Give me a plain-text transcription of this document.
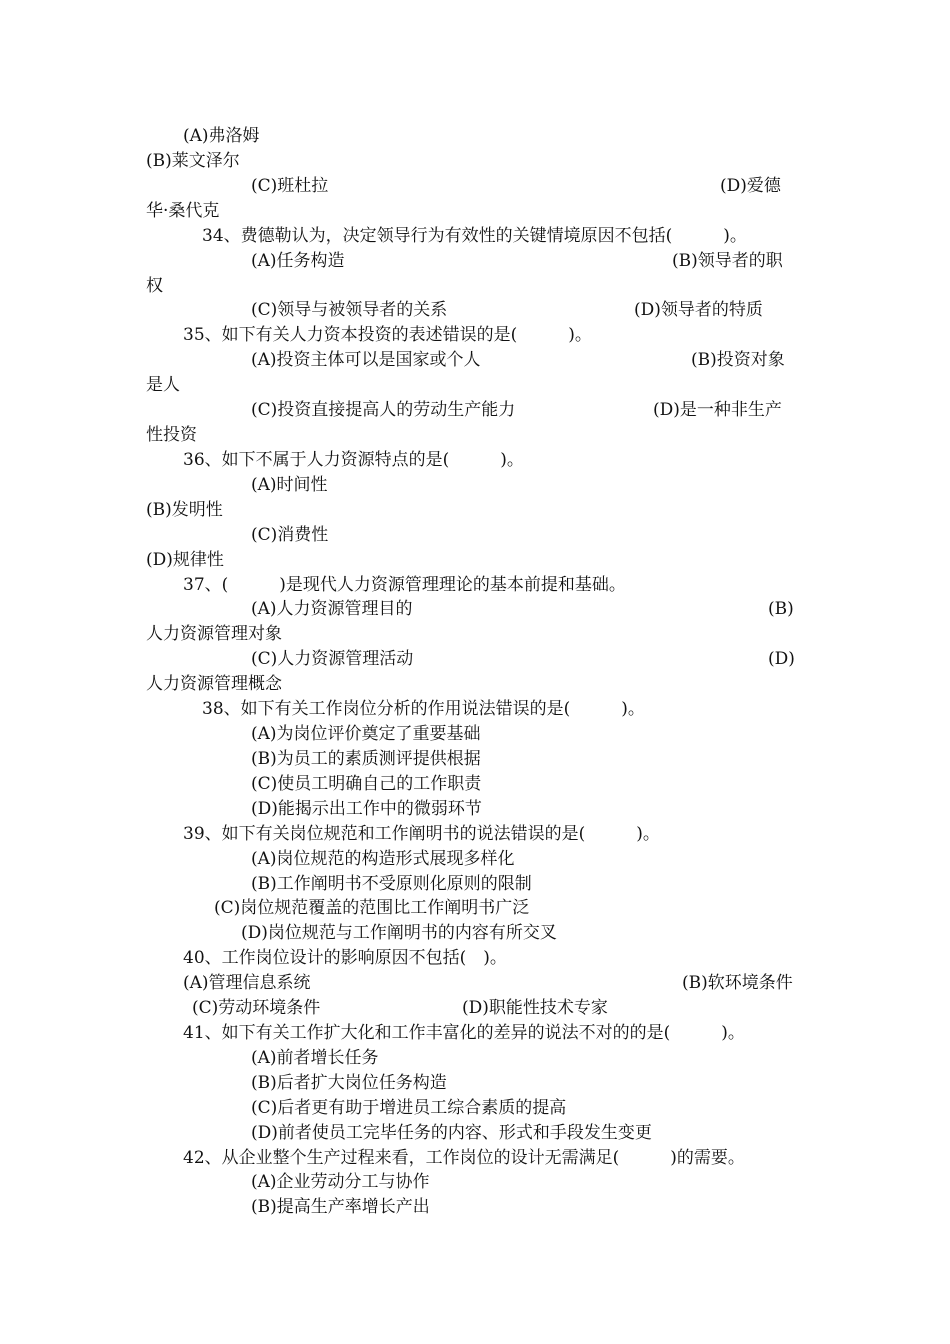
(A)弗洛姆
(B)莱文泽尔
(C)班杜拉	(D)爱德
华·桑代克
34、费德勒认为，决定领导行为有效性的关键情境原因不包括(　　　)。
(A)任务构造	(B)领导者的职
权
(C)领导与被领导者的关系	(D)领导者的特质
35、如下有关人力资本投资的表述错误的是(　　　)。
(A)投资主体可以是国家或个人	(B)投资对象
是人
(C)投资直接提高人的劳动生产能力	(D)是一种非生产
性投资
36、如下不属于人力资源特点的是(　　　)。
(A)时间性
(B)发明性
(C)消费性
(D)规律性
37、(　　　)是现代人力资源管理理论的基本前提和基础。
(A)人力资源管理目的	(B)
人力资源管理对象
(C)人力资源管理活动	(D)
人力资源管理概念
38、如下有关工作岗位分析的作用说法错误的是(　　　)。
(A)为岗位评价奠定了重要基础
(B)为员工的素质测评提供根据
(C)使员工明确自己的工作职责
(D)能揭示出工作中的微弱环节
39、如下有关岗位规范和工作阐明书的说法错误的是(　　　)。
(A)岗位规范的构造形式展现多样化
(B)工作阐明书不受原则化原则的限制
(C)岗位规范覆盖的范围比工作阐明书广泛
(D)岗位规范与工作阐明书的内容有所交叉
40、工作岗位设计的影响原因不包括(　)。
(A)管理信息系统	(B)软环境条件
(C)劳动环境条件	(D)职能性技术专家
41、如下有关工作扩大化和工作丰富化的差异的说法不对的的是(　　　)。
(A)前者增长任务
(B)后者扩大岗位任务构造
(C)后者更有助于增进员工综合素质的提高
(D)前者使员工完毕任务的内容、形式和手段发生变更
42、从企业整个生产过程来看，工作岗位的设计无需满足(　　　)的需要。
(A)企业劳动分工与协作
(B)提高生产率增长产出
